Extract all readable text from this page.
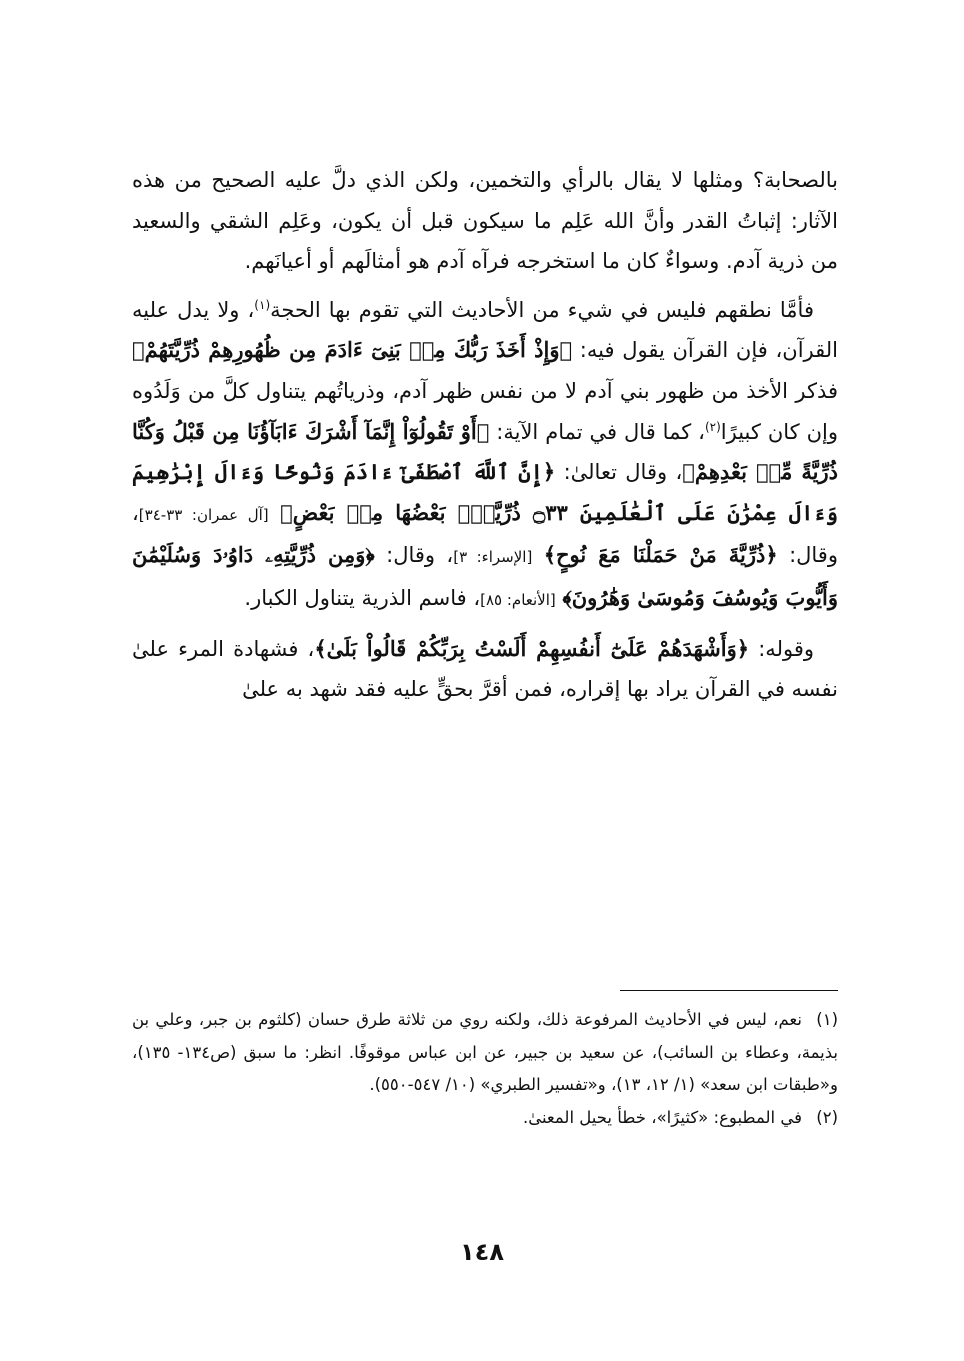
بالصحابة؟ ومثلها لا يقال بالرأي والتخمين، ولكن الذي دلَّ عليه الصحيح من هذه الآثار: إثباتُ القدر وأنَّ الله عَلِم ما سيكون قبل أن يكون، وعَلِم الشقي والسعيد من ذرية آدم. وسواءٌ كان ما استخرجه فرآه آدم هو أمثالَهم أو أعيانَهم.

فأمَّا نطقهم فليس في شيء من الأحاديث التي تقوم بها الحجة$^{(١)}$، ولا يدل عليه القرآن، فإن القرآن يقول فيه: ﴿وَإِذْ أَخَذَ رَبُّكَ مِنۢ بَنِىٓ ءَادَمَ مِن ظُهُورِهِمْ ذُرِّيَّتَهُمْ﴾ فذكر الأخذ من ظهور بني آدم لا من نفس ظهر آدم، وذرياتُهم يتناول كلَّ من وَلَدُوه وإن كان كبيرًا$^{(٢)}$، كما قال في تمام الآية: ﴿أَوْ تَقُولُوٓاْ إِنَّمَآ أَشْرَكَ ءَابَآؤُنَا مِن قَبْلُ وَكُنَّا ذُرِّيَّةً مِّنۢ بَعْدِهِمْ﴾، وقال تعالىٰ: ﴿إِنَّ ٱللَّهَ ٱصْطَفَىٰٓ ءَادَمَ وَنُوحًا وَءَالَ إِبْرَٰهِيمَ وَءَالَ عِمْرَٰنَ عَلَى ٱلْعَٰلَمِينَ ۝٣٣ ذُرِّيَّةًۢ بَعْضُهَا مِنۢ بَعْضٍ﴾ [آل عمران: ٣٣-٣٤]، وقال: ﴿ذُرِّيَّةَ مَنْ حَمَلْنَا مَعَ نُوحٍ﴾ [الإسراء: ٣]، وقال: ﴿وَمِن ذُرِّيَّتِهِۦ دَاوُۥدَ وَسُلَيْمَٰنَ وَأَيُّوبَ وَيُوسُفَ وَمُوسَىٰ وَهَٰرُونَ﴾ [الأنعام: ٨٥]، فاسم الذرية يتناول الكبار.

وقوله: ﴿وَأَشْهَدَهُمْ عَلَىٰٓ أَنفُسِهِمْ أَلَسْتُ بِرَبِّكُمْ قَالُواْ بَلَىٰ﴾، فشهادة المرء علىٰ نفسه في القرآن يراد بها إقراره، فمن أقرَّ بحقٍّ عليه فقد شهد به علىٰ

(١)نعم، ليس في الأحاديث المرفوعة ذلك، ولكنه روي من ثلاثة طرق حسان (كلثوم بن جبر، وعلي بن بذيمة، وعطاء بن السائب)، عن سعيد بن جبير، عن ابن عباس موقوفًا. انظر: ما سبق (ص١٣٤- ١٣٥)، و«طبقات ابن سعد» (١/ ١٢، ١٣)، و«تفسير الطبري» (١٠/ ٥٤٧-٥٥٠).

(٢)في المطبوع: «كثيرًا»، خطأ يحيل المعنىٰ.

١٤٨
